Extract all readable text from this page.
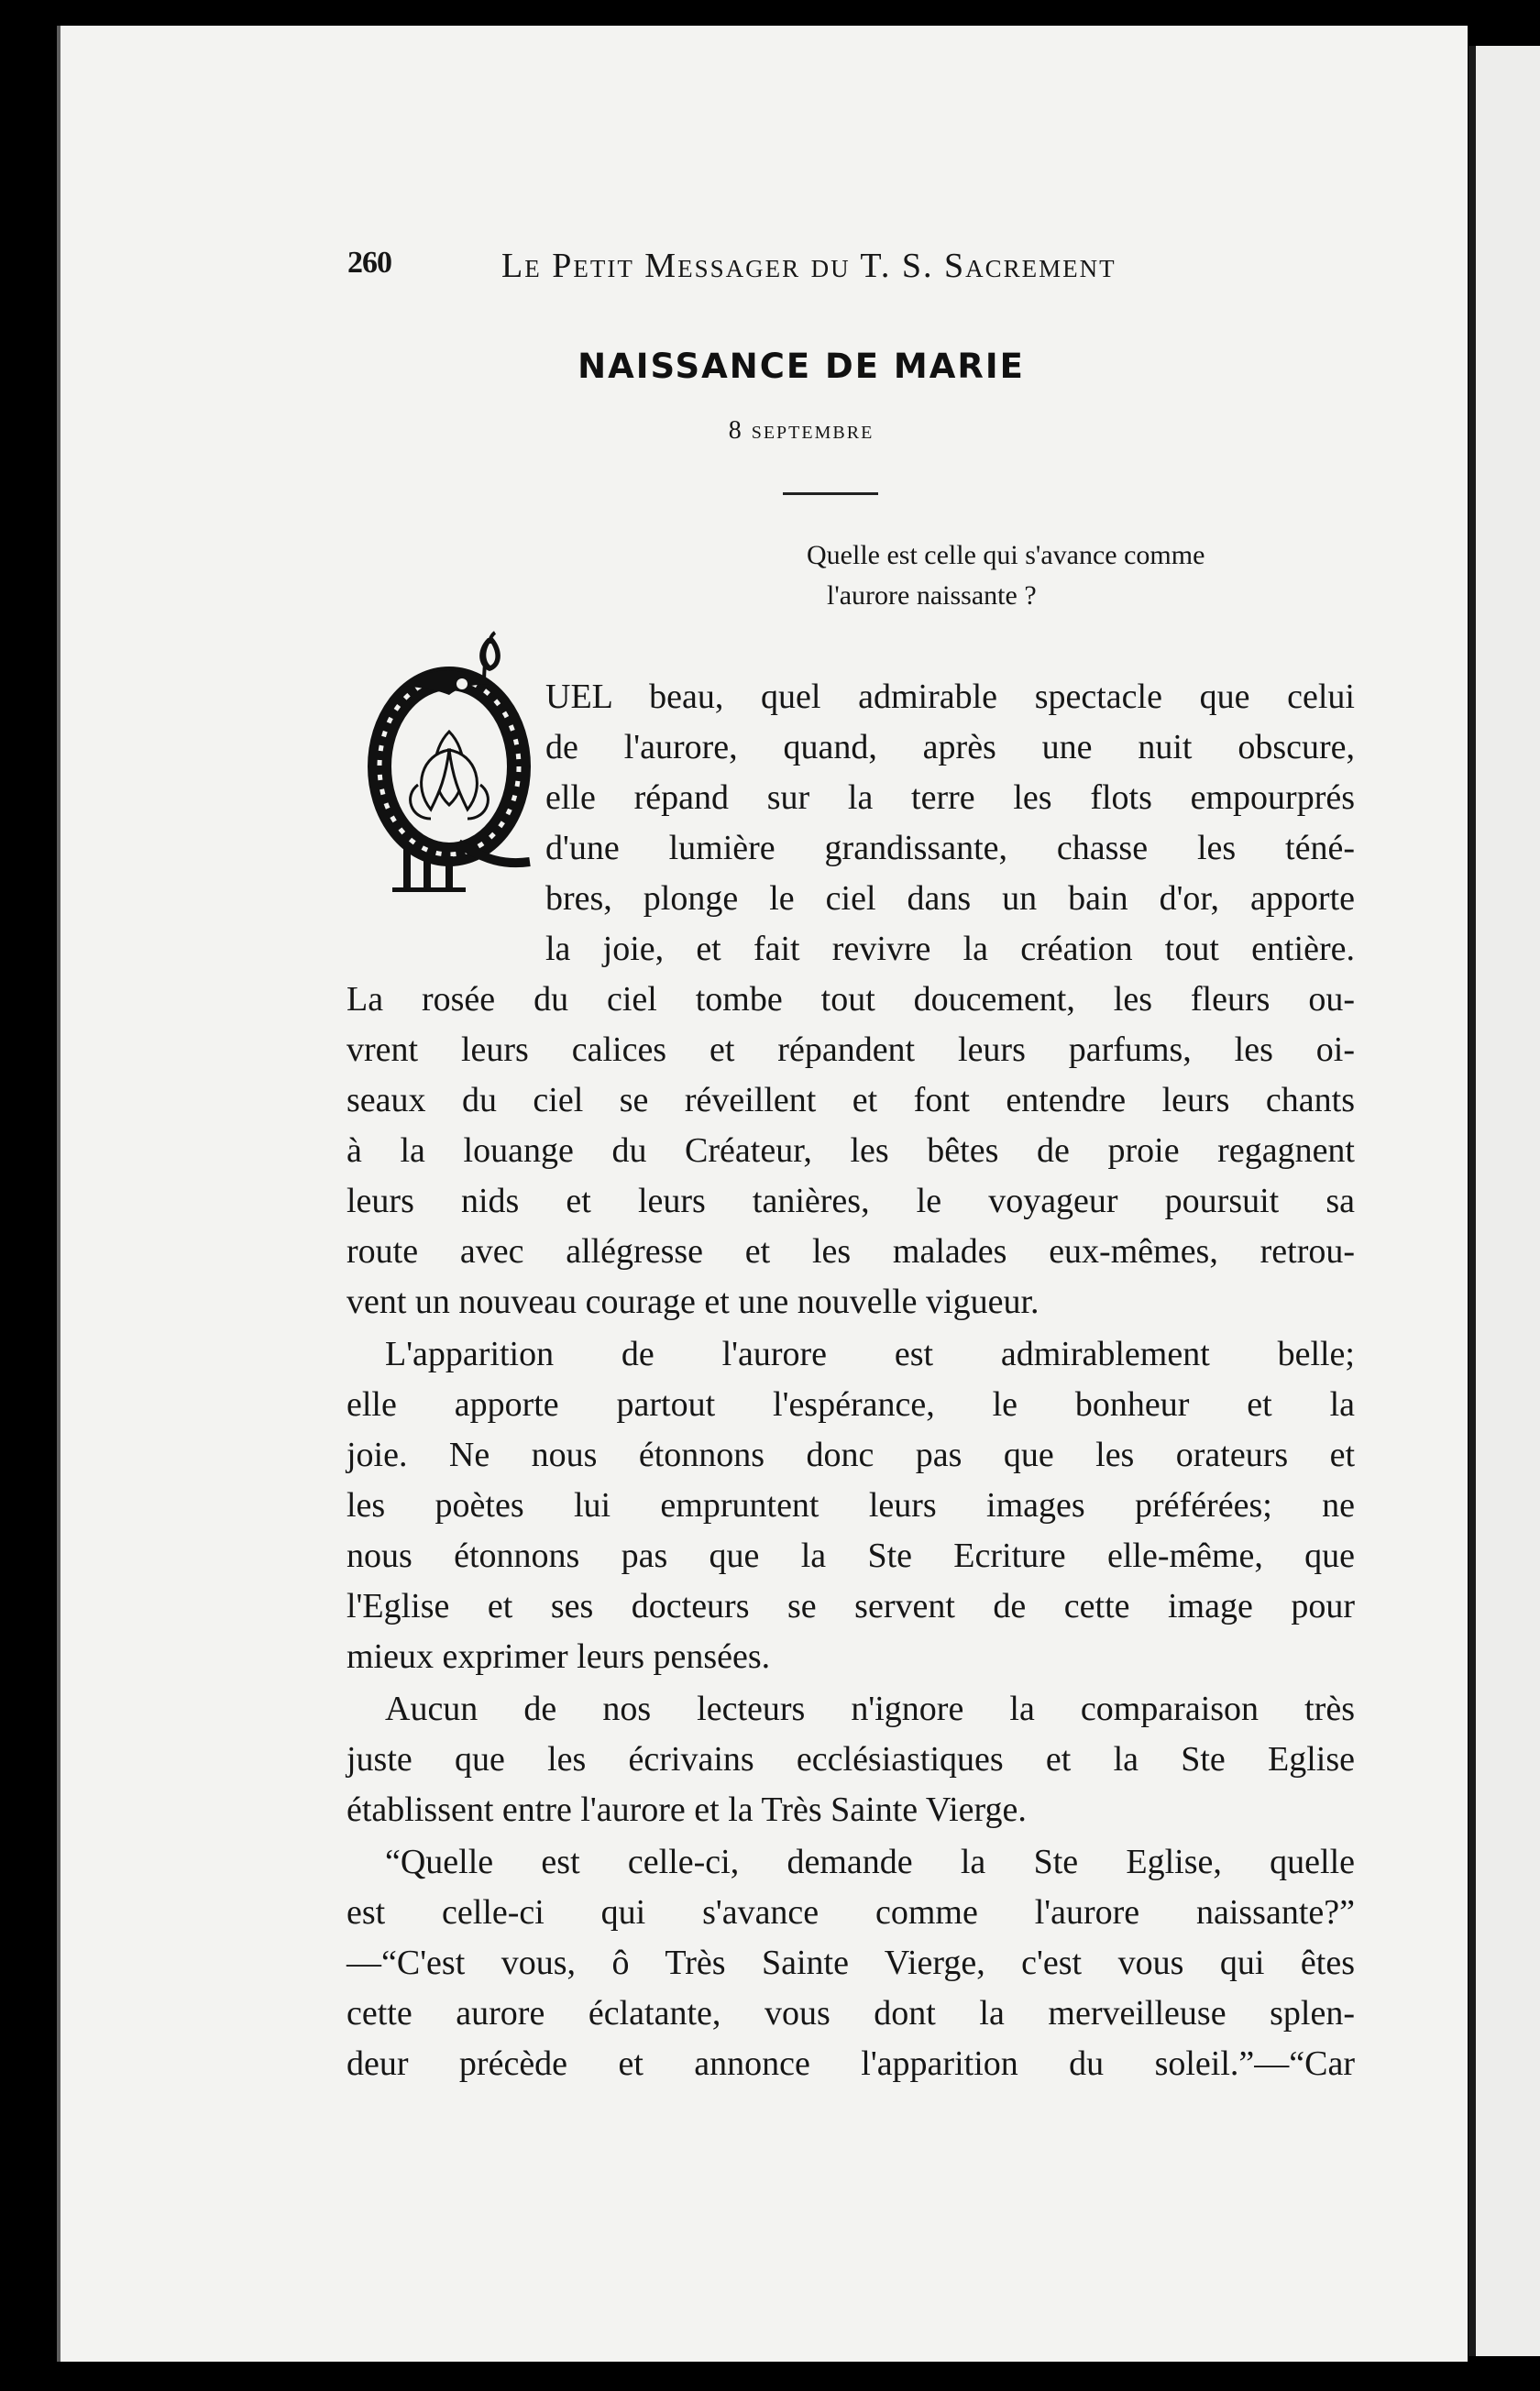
260	Le Petit Messager du T. S. Sacrement
NAISSANCE DE MARIE
8 septembre
Quelle est celle qui s'avance comme
l'aurore naissante ?
UEL beau, quel admirable spectacle que celui
de l'aurore, quand, après une nuit obscure,
elle répand sur la terre les flots empourprés
d'une lumière grandissante, chasse les téné-
bres, plonge le ciel dans un bain d'or, apporte
la joie, et fait revivre la création tout entière.
La rosée du ciel tombe tout doucement, les fleurs ou-
vrent leurs calices et répandent leurs parfums, les oi-
seaux du ciel se réveillent et font entendre leurs chants
à la louange du Créateur, les bêtes de proie regagnent
leurs nids et leurs tanières, le voyageur poursuit sa
route avec allégresse et les malades eux-mêmes, retrou-
vent un nouveau courage et une nouvelle vigueur.
L'apparition de l'aurore est admirablement belle;
elle apporte partout l'espérance, le bonheur et la
joie. Ne nous étonnons donc pas que les orateurs et
les poètes lui empruntent leurs images préférées; ne
nous étonnons pas que la Ste Ecriture elle-même, que
l'Eglise et ses docteurs se servent de cette image pour
mieux exprimer leurs pensées.
Aucun de nos lecteurs n'ignore la comparaison très
juste que les écrivains ecclésiastiques et la Ste Eglise
établissent entre l'aurore et la Très Sainte Vierge.
“Quelle est celle-ci, demande la Ste Eglise, quelle
est celle-ci qui s'avance comme l'aurore naissante?”
—“C'est vous, ô Très Sainte Vierge, c'est vous qui êtes
cette aurore éclatante, vous dont la merveilleuse splen-
deur précède et annonce l'apparition du soleil.”—“Car
